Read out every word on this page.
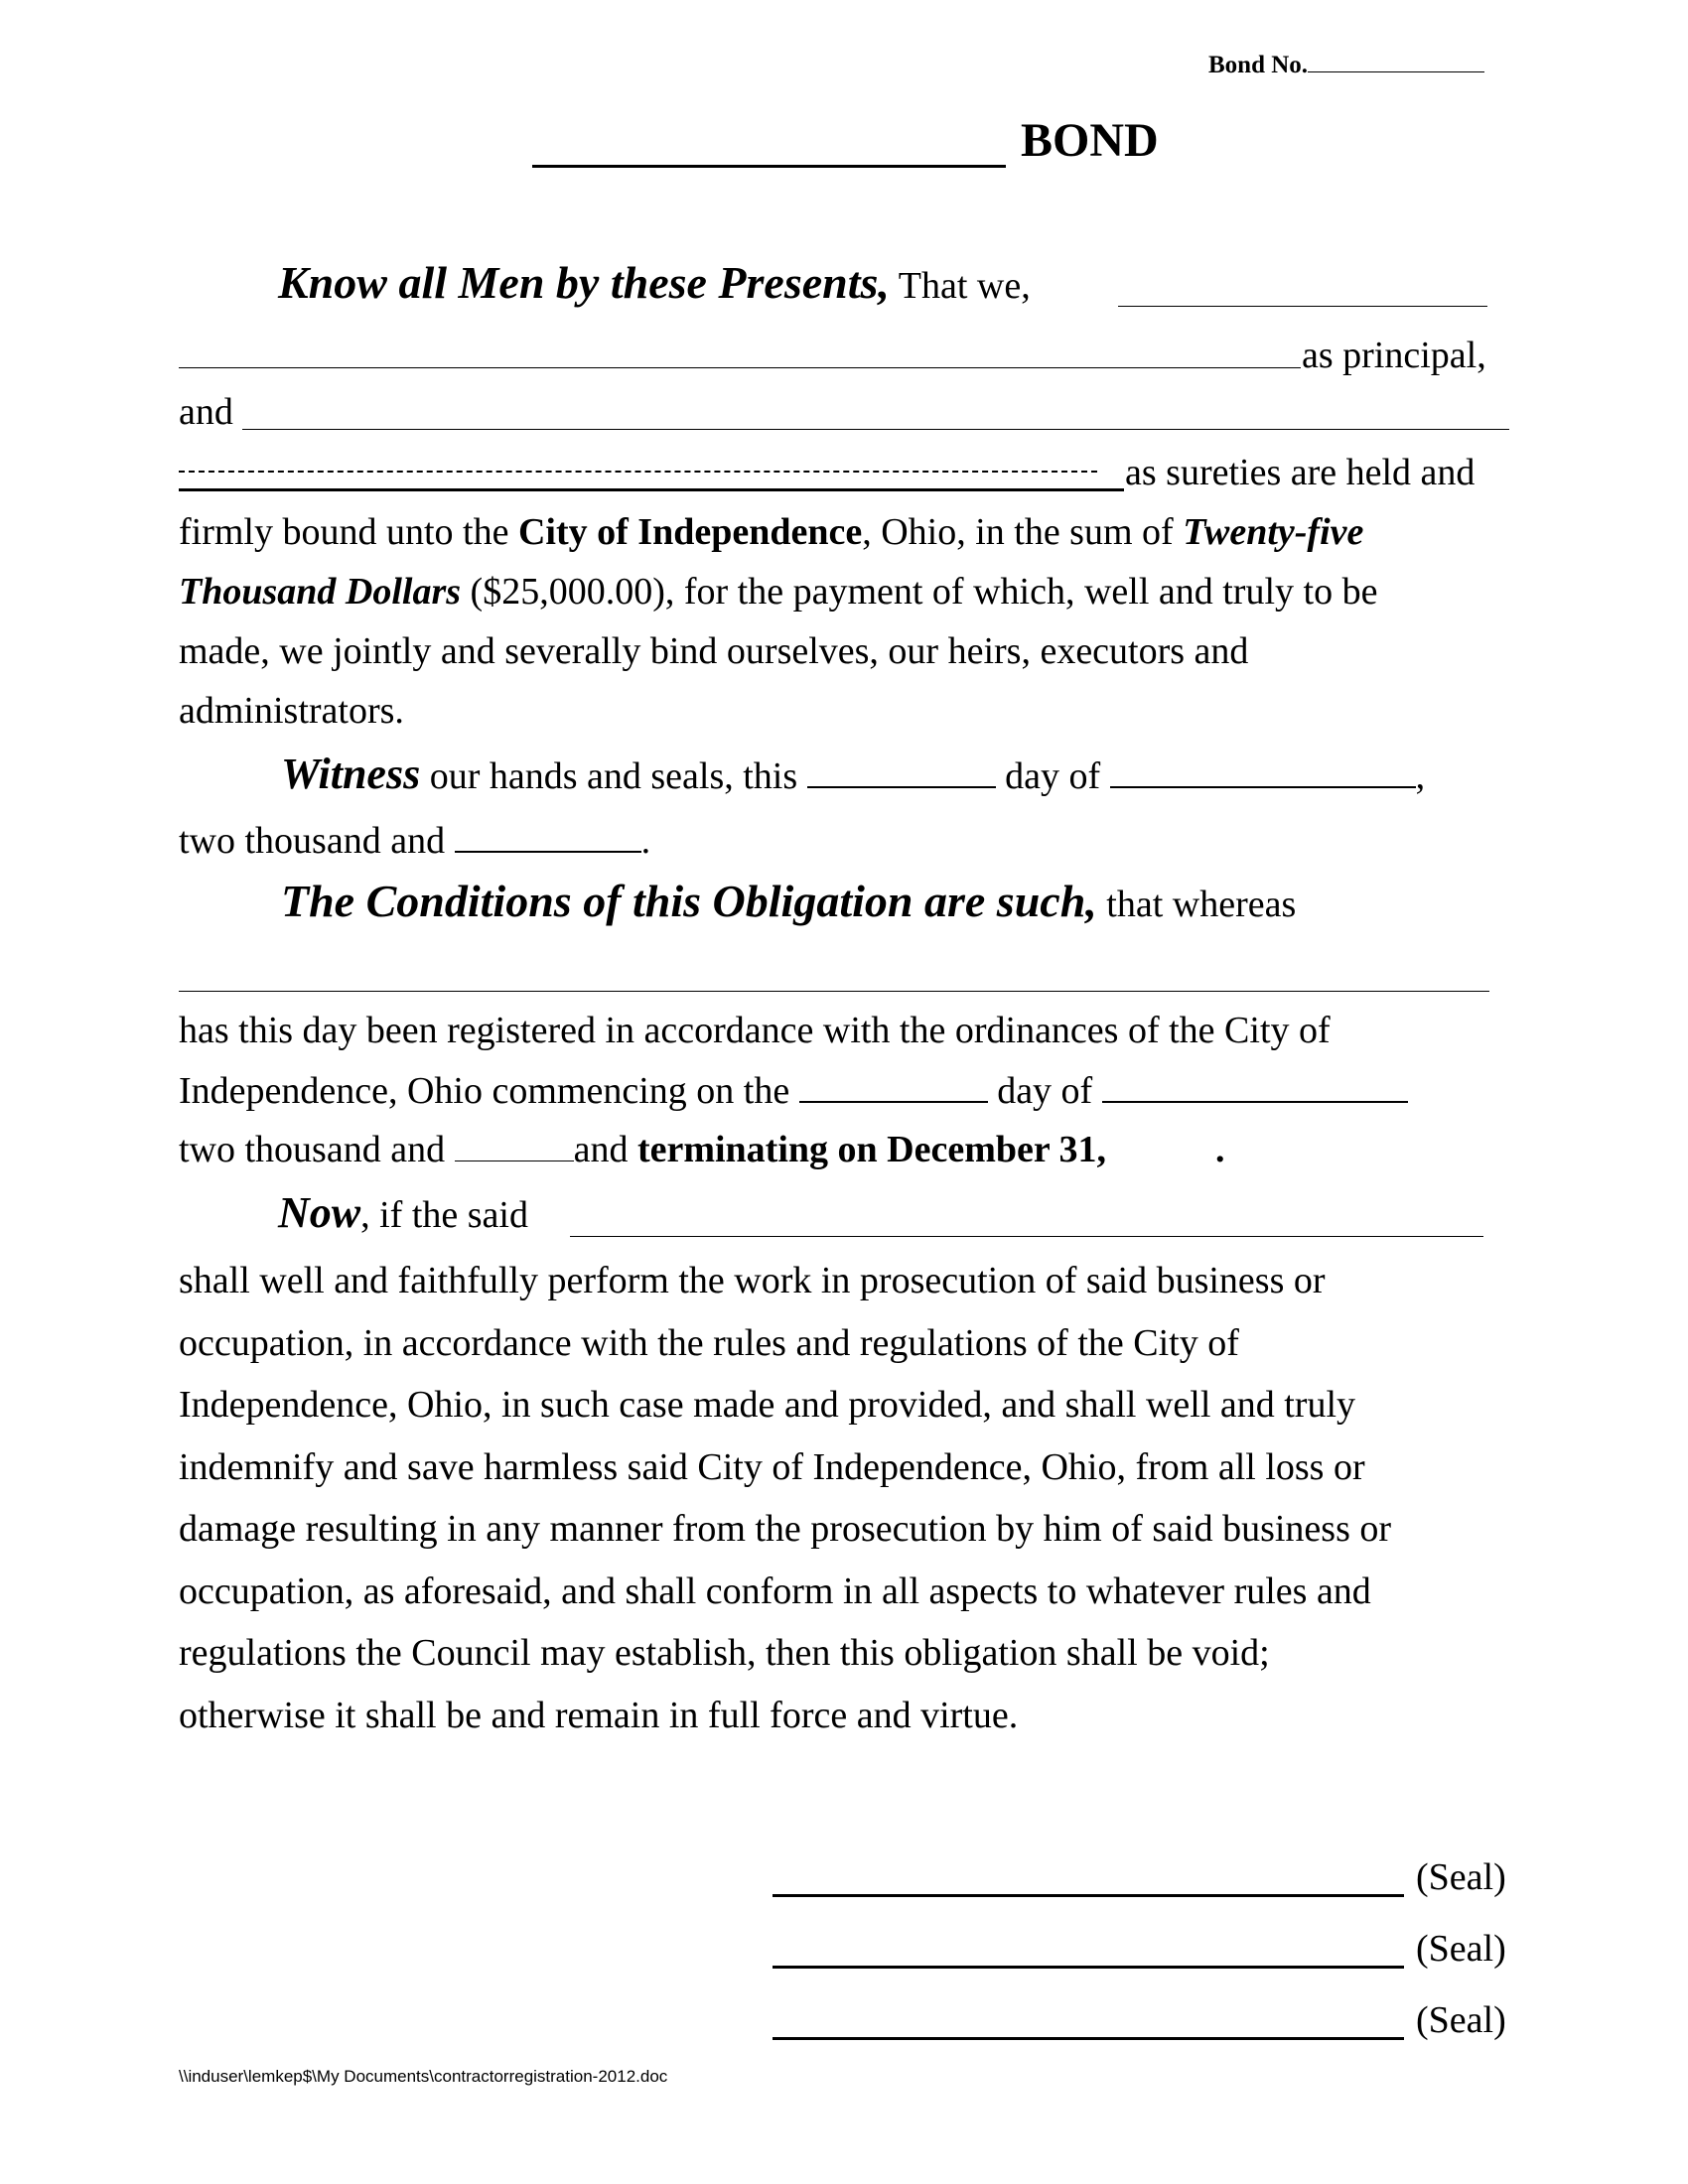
Bond No.
BOND
Know all Men by these Presents, That we,
as principal,
and
as sureties are held and
firmly bound unto the City of Independence, Ohio, in the sum of Twenty-five
Thousand Dollars ($25,000.00), for the payment of which, well and truly to be
made, we jointly and severally bind ourselves, our heirs, executors and
administrators.
Witness our hands and seals, this	day of	,
two thousand and	.
The Conditions of this Obligation are such, that whereas
has this day been registered in accordance with the ordinances of the City of
Independence, Ohio commencing on the	day of
two thousand and	and terminating on December 31,	.
Now, if the said
shall well and faithfully perform the work in prosecution of said business or
occupation, in accordance with the rules and regulations of the City of
Independence, Ohio, in such case made and provided, and shall well and truly
indemnify and save harmless said City of Independence, Ohio, from all loss or
damage resulting in any manner from the prosecution by him of said business or
occupation, as aforesaid, and shall conform in all aspects to whatever rules and
regulations the Council may establish, then this obligation shall be void;
otherwise it shall be and remain in full force and virtue.
(Seal)
(Seal)
(Seal)
\\induser\lemkep$\My Documents\contractorregistration-2012.doc
